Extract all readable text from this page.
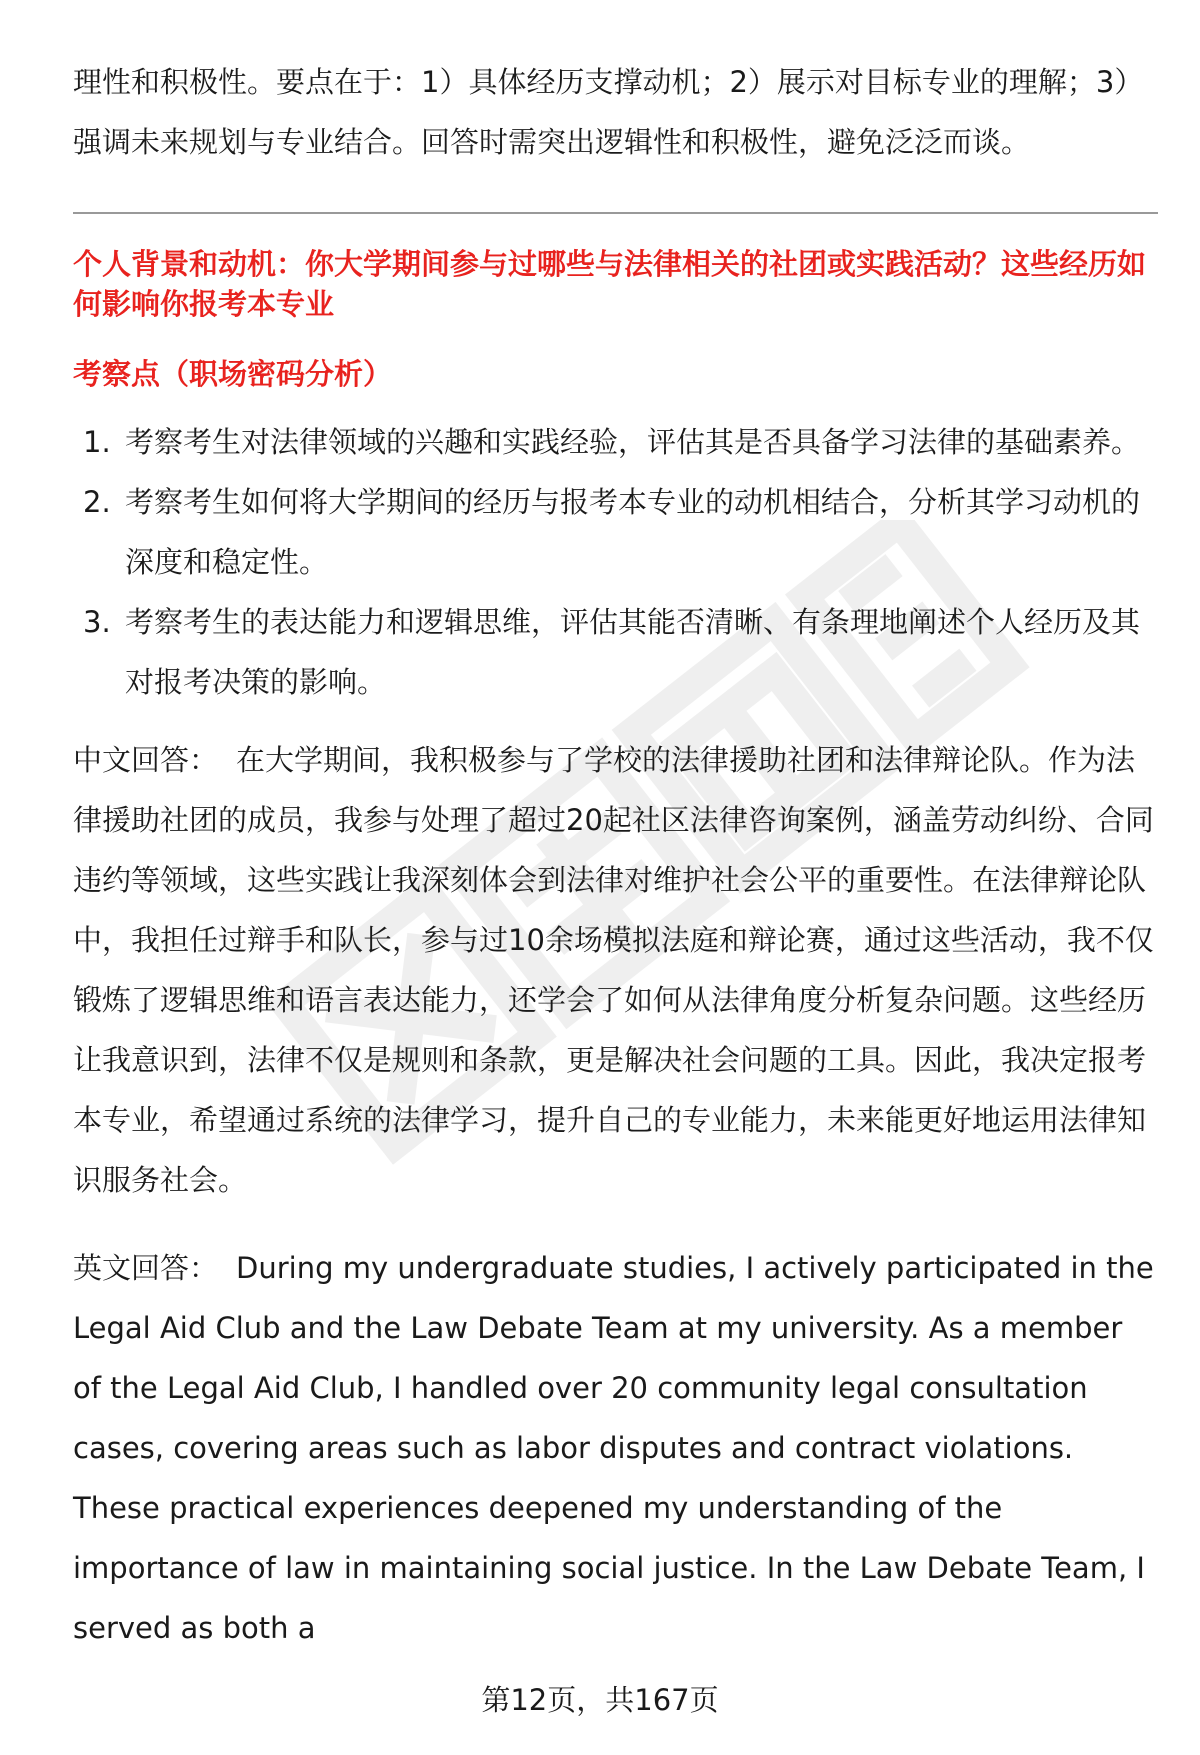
理性和积极性。要点在于：1）具体经历支撑动机；2）展示对目标专业的理解；3）强调未来规划与专业结合。回答时需突出逻辑性和积极性，避免泛泛而谈。

个人背景和动机：你大学期间参与过哪些与法律相关的社团或实践活动？这些经历如何影响你报考本专业

考察点（职场密码分析）

1. 考察考生对法律领域的兴趣和实践经验，评估其是否具备学习法律的基础素养。
2. 考察考生如何将大学期间的经历与报考本专业的动机相结合，分析其学习动机的深度和稳定性。
3. 考察考生的表达能力和逻辑思维，评估其能否清晰、有条理地阐述个人经历及其对报考决策的影响。

中文回答： 在大学期间，我积极参与了学校的法律援助社团和法律辩论队。作为法律援助社团的成员，我参与处理了超过20起社区法律咨询案例，涵盖劳动纠纷、合同违约等领域，这些实践让我深刻体会到法律对维护社会公平的重要性。在法律辩论队中，我担任过辩手和队长，参与过10余场模拟法庭和辩论赛，通过这些活动，我不仅锻炼了逻辑思维和语言表达能力，还学会了如何从法律角度分析复杂问题。这些经历让我意识到，法律不仅是规则和条款，更是解决社会问题的工具。因此，我决定报考本专业，希望通过系统的法律学习，提升自己的专业能力，未来能更好地运用法律知识服务社会。

英文回答： During my undergraduate studies, I actively participated in the Legal Aid Club and the Law Debate Team at my university. As a member of the Legal Aid Club, I handled over 20 community legal consultation cases, covering areas such as labor disputes and contract violations. These practical experiences deepened my understanding of the importance of law in maintaining social justice. In the Law Debate Team, I served as both a

第12页，共167页
